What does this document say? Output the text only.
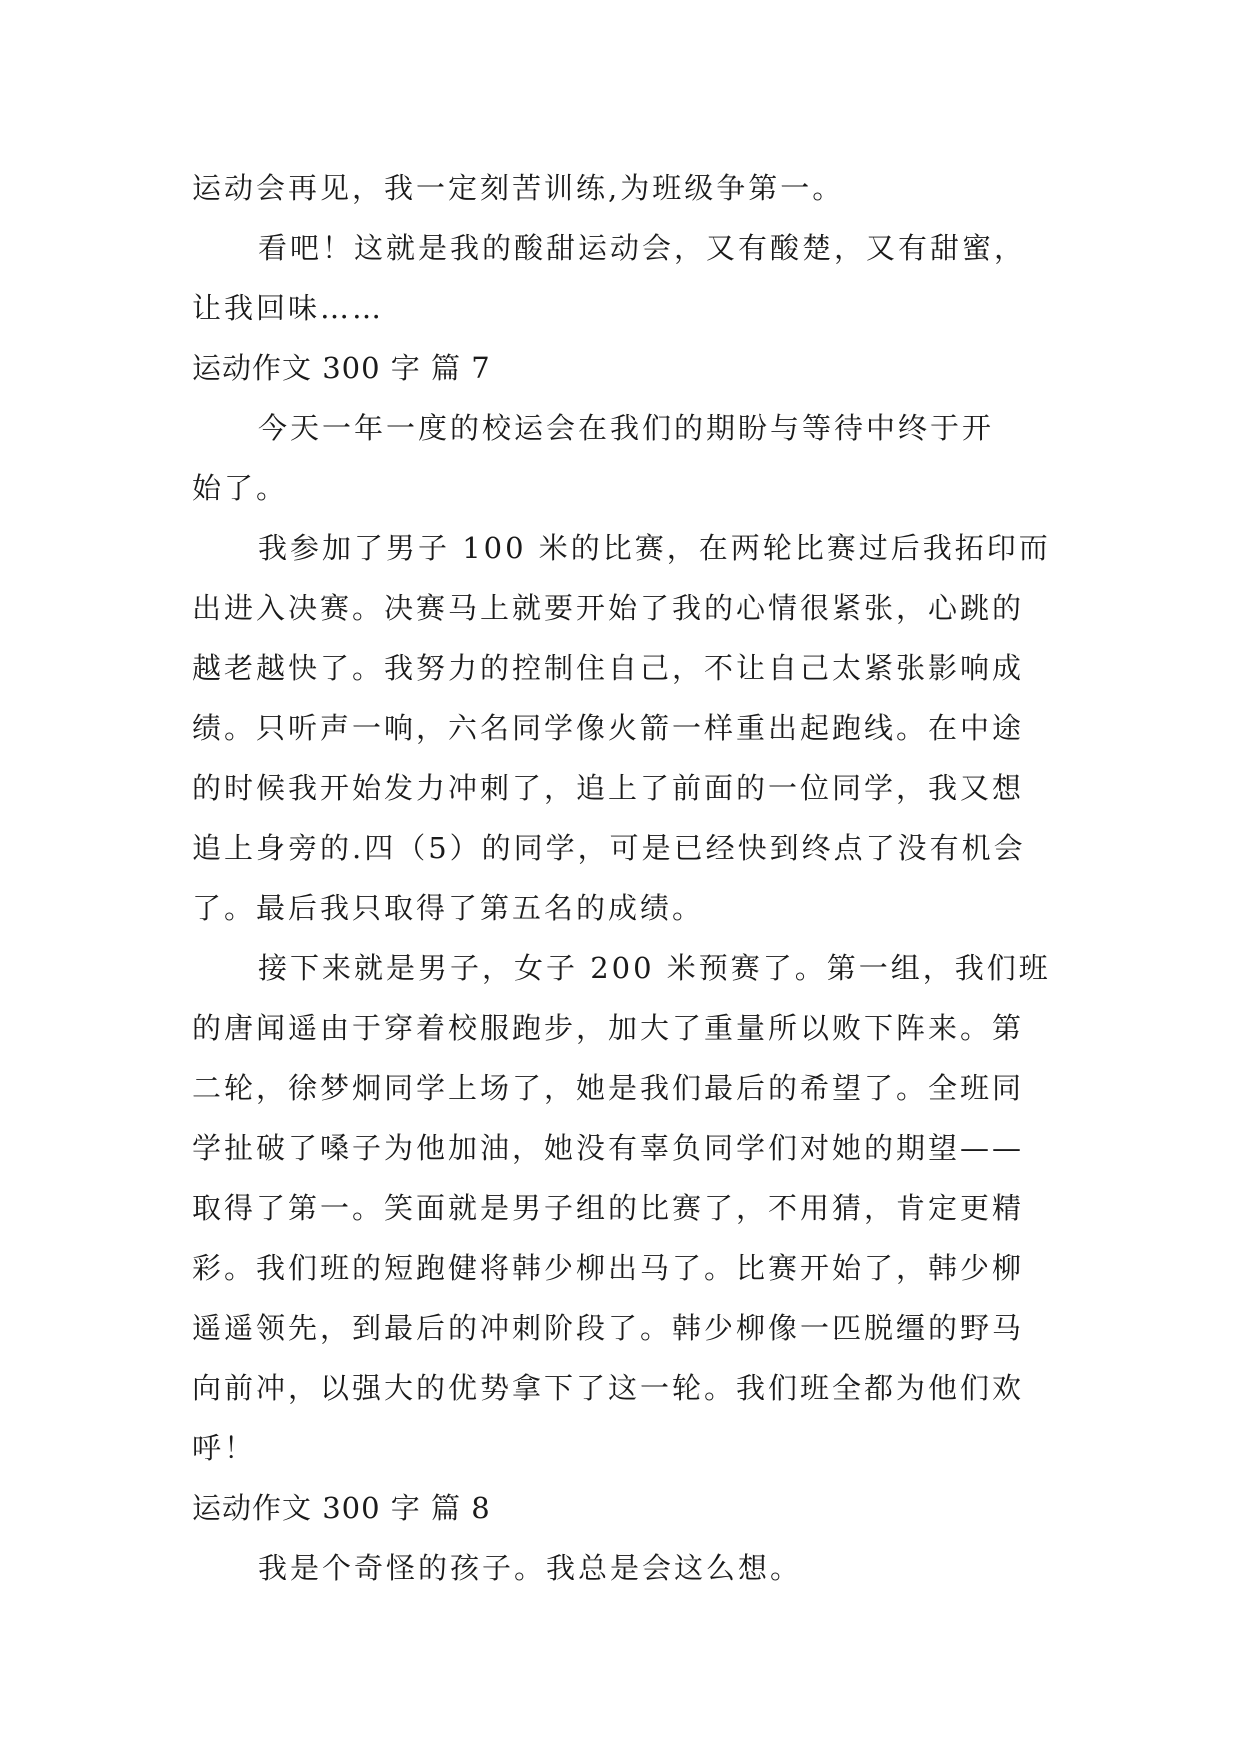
运动会再见，我一定刻苦训练,为班级争第一。
看吧！这就是我的酸甜运动会，又有酸楚，又有甜蜜，
让我回味……
运动作文 300 字 篇 7
今天一年一度的校运会在我们的期盼与等待中终于开
始了。
我参加了男子 100 米的比赛，在两轮比赛过后我拓印而
出进入决赛。决赛马上就要开始了我的心情很紧张，心跳的
越老越快了。我努力的控制住自己，不让自己太紧张影响成
绩。只听声一响，六名同学像火箭一样重出起跑线。在中途
的时候我开始发力冲刺了，追上了前面的一位同学，我又想
追上身旁的.四（5）的同学，可是已经快到终点了没有机会
了。最后我只取得了第五名的成绩。
接下来就是男子，女子 200 米预赛了。第一组，我们班
的唐闻遥由于穿着校服跑步，加大了重量所以败下阵来。第
二轮，徐梦炯同学上场了，她是我们最后的希望了。全班同
学扯破了嗓子为他加油，她没有辜负同学们对她的期望——
取得了第一。笑面就是男子组的比赛了，不用猜，肯定更精
彩。我们班的短跑健将韩少柳出马了。比赛开始了，韩少柳
遥遥领先，到最后的冲刺阶段了。韩少柳像一匹脱缰的野马
向前冲，以强大的优势拿下了这一轮。我们班全都为他们欢
呼！
运动作文 300 字 篇 8
我是个奇怪的孩子。我总是会这么想。
